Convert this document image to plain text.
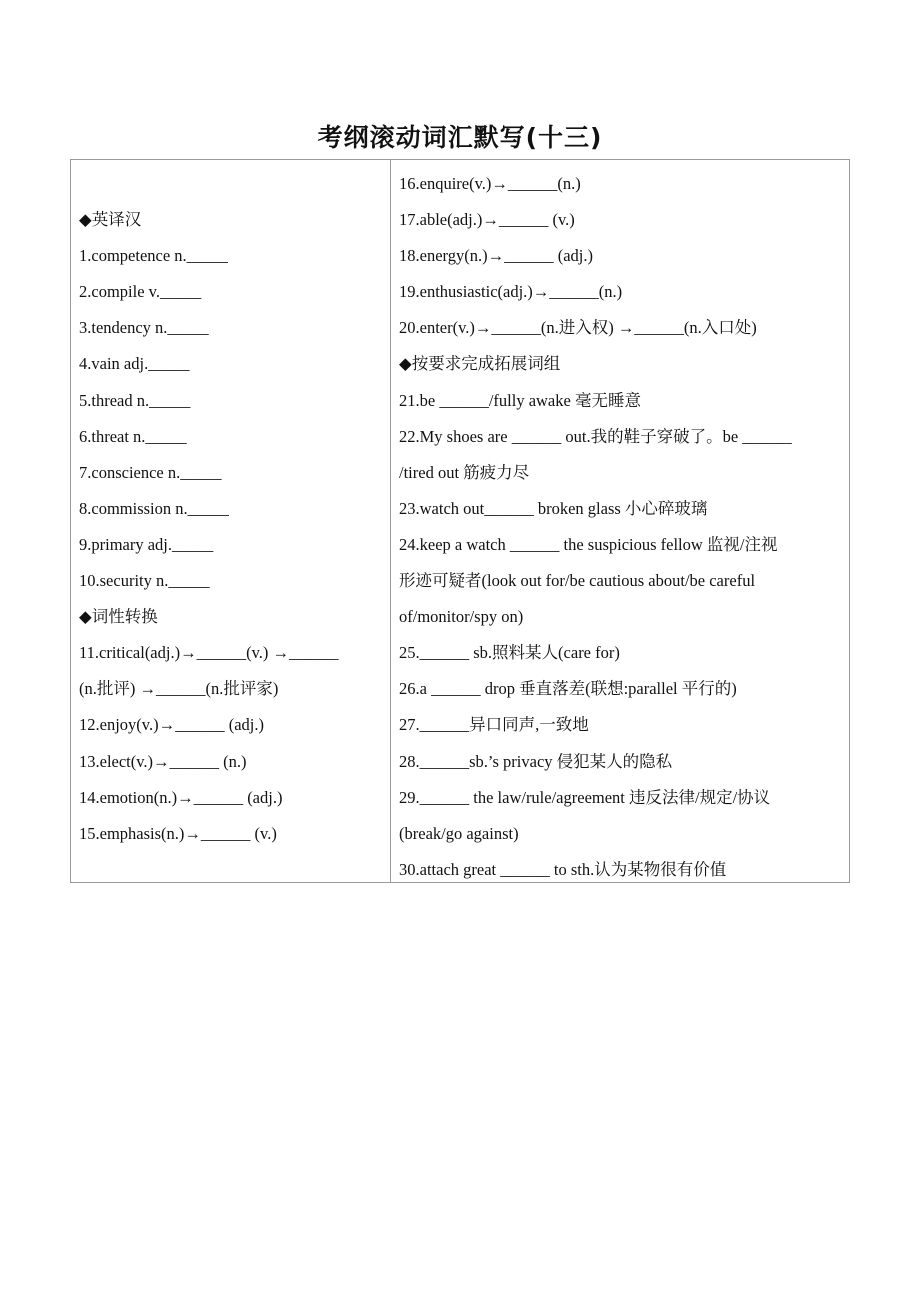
考纲滚动词汇默写(十三)
◆英译汉
1.competence n._____
2.compile v._____
3.tendency n._____
4.vain adj._____
5.thread n._____
6.threat n._____
7.conscience n._____
8.commission n._____
9.primary adj._____
10.security n._____
◆词性转换
11.critical(adj.)→______(v.) →______
(n.批评) →______(n.批评家)
12.enjoy(v.)→______ (adj.)
13.elect(v.)→______ (n.)
14.emotion(n.)→______ (adj.)
15.emphasis(n.)→______ (v.)
16.enquire(v.)→______(n.)
17.able(adj.)→______ (v.)
18.energy(n.)→______ (adj.)
19.enthusiastic(adj.)→______(n.)
20.enter(v.)→______(n.进入权) →______(n.入口处)
◆按要求完成拓展词组
21.be ______/fully awake 毫无睡意
22.My shoes are ______ out.我的鞋子穿破了。be ______
/tired out 筋疲力尽
23.watch out______ broken glass 小心碎玻璃
24.keep a watch ______ the suspicious fellow 监视/注视
形迹可疑者(look out for/be cautious about/be careful
of/monitor/spy on)
25.______ sb.照料某人(care for)
26.a ______ drop 垂直落差(联想:parallel 平行的)
27.______异口同声,一致地
28.______sb.’s privacy 侵犯某人的隐私
29.______ the law/rule/agreement 违反法律/规定/协议
(break/go against)
30.attach great ______ to sth.认为某物很有价值
